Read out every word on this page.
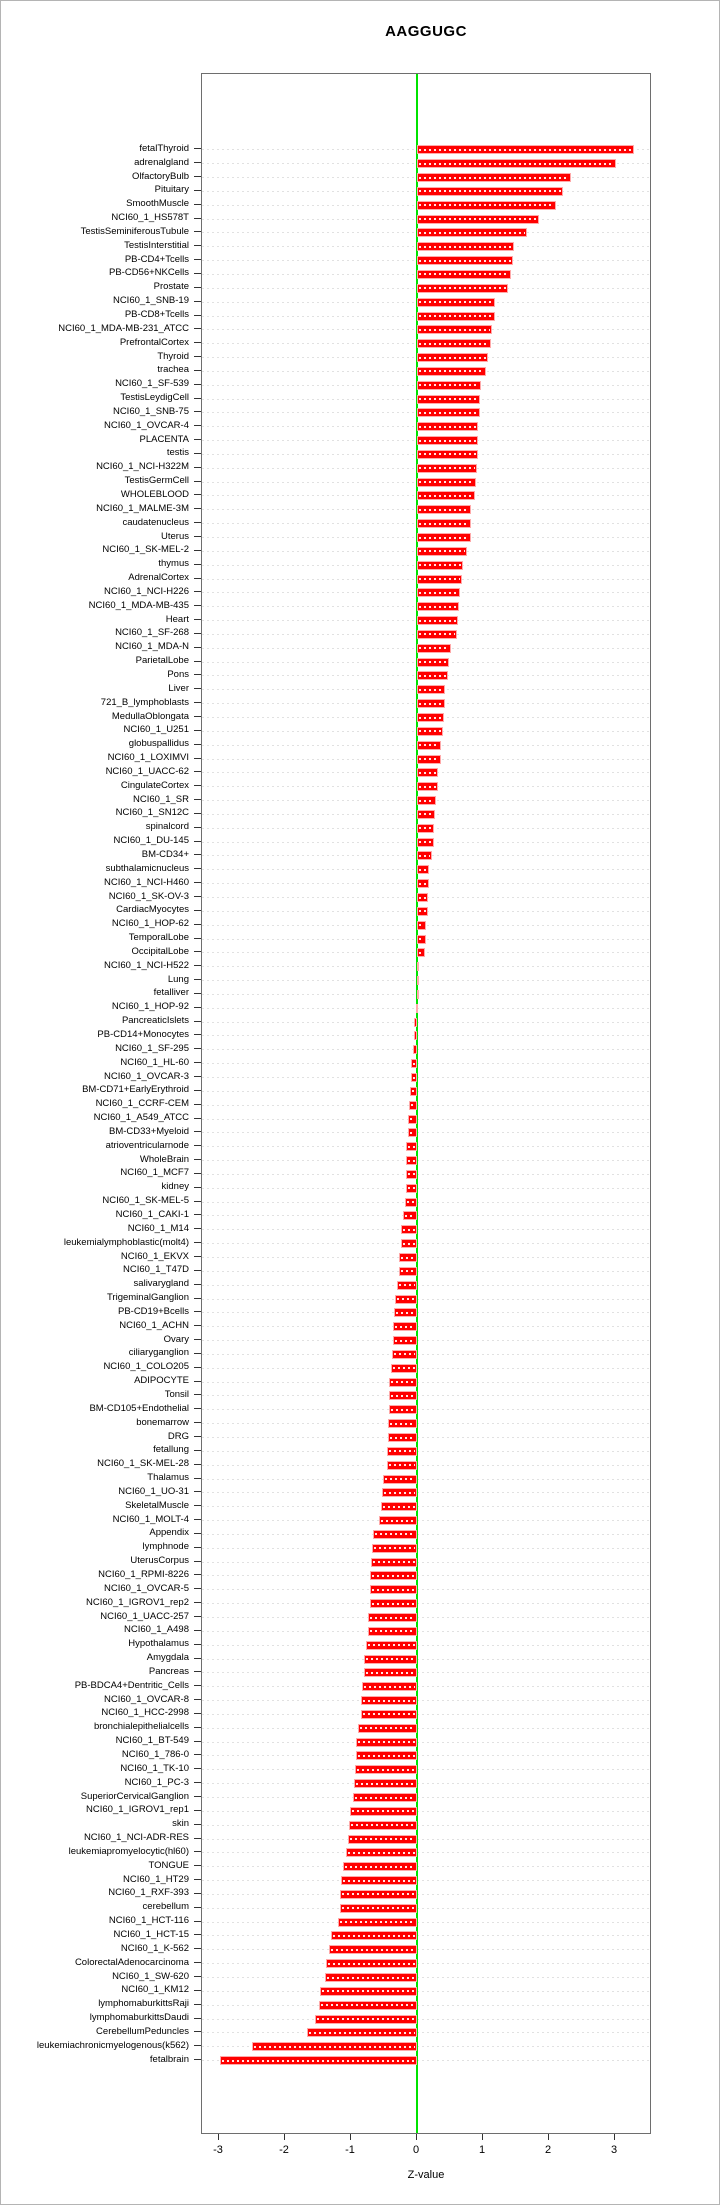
AAGGUGC
fetalThyroid
adrenalgland
OlfactoryBulb
Pituitary
SmoothMuscle
NCI60_1_HS578T
TestisSeminiferousTubule
TestisInterstitial
PB-CD4+Tcells
PB-CD56+NKCells
Prostate
NCI60_1_SNB-19
PB-CD8+Tcells
NCI60_1_MDA-MB-231_ATCC
PrefrontalCortex
Thyroid
trachea
NCI60_1_SF-539
TestisLeydigCell
NCI60_1_SNB-75
NCI60_1_OVCAR-4
PLACENTA
testis
NCI60_1_NCI-H322M
TestisGermCell
WHOLEBLOOD
NCI60_1_MALME-3M
caudatenucleus
Uterus
NCI60_1_SK-MEL-2
thymus
AdrenalCortex
NCI60_1_NCI-H226
NCI60_1_MDA-MB-435
Heart
NCI60_1_SF-268
NCI60_1_MDA-N
ParietalLobe
Pons
Liver
721_B_lymphoblasts
MedullaOblongata
NCI60_1_U251
globuspallidus
NCI60_1_LOXIMVI
NCI60_1_UACC-62
CingulateCortex
NCI60_1_SR
NCI60_1_SN12C
spinalcord
NCI60_1_DU-145
BM-CD34+
subthalamicnucleus
NCI60_1_NCI-H460
NCI60_1_SK-OV-3
CardiacMyocytes
NCI60_1_HOP-62
TemporalLobe
OccipitalLobe
NCI60_1_NCI-H522
Lung
fetalliver
NCI60_1_HOP-92
PancreaticIslets
PB-CD14+Monocytes
NCI60_1_SF-295
NCI60_1_HL-60
NCI60_1_OVCAR-3
BM-CD71+EarlyErythroid
NCI60_1_CCRF-CEM
NCI60_1_A549_ATCC
BM-CD33+Myeloid
atrioventricularnode
WholeBrain
NCI60_1_MCF7
kidney
NCI60_1_SK-MEL-5
NCI60_1_CAKI-1
NCI60_1_M14
leukemialymphoblastic(molt4)
NCI60_1_EKVX
NCI60_1_T47D
salivarygland
TrigeminalGanglion
PB-CD19+Bcells
NCI60_1_ACHN
Ovary
ciliaryganglion
NCI60_1_COLO205
ADIPOCYTE
Tonsil
BM-CD105+Endothelial
bonemarrow
DRG
fetallung
NCI60_1_SK-MEL-28
Thalamus
NCI60_1_UO-31
SkeletalMuscle
NCI60_1_MOLT-4
Appendix
lymphnode
UterusCorpus
NCI60_1_RPMI-8226
NCI60_1_OVCAR-5
NCI60_1_IGROV1_rep2
NCI60_1_UACC-257
NCI60_1_A498
Hypothalamus
Amygdala
Pancreas
PB-BDCA4+Dentritic_Cells
NCI60_1_OVCAR-8
NCI60_1_HCC-2998
bronchialepithelialcells
NCI60_1_BT-549
NCI60_1_786-0
NCI60_1_TK-10
NCI60_1_PC-3
SuperiorCervicalGanglion
NCI60_1_IGROV1_rep1
skin
NCI60_1_NCI-ADR-RES
leukemiapromyelocytic(hl60)
TONGUE
NCI60_1_HT29
NCI60_1_RXF-393
cerebellum
NCI60_1_HCT-116
NCI60_1_HCT-15
NCI60_1_K-562
ColorectalAdenocarcinoma
NCI60_1_SW-620
NCI60_1_KM12
lymphomaburkittsRaji
lymphomaburkittsDaudi
CerebellumPeduncles
leukemiachronicmyelogenous(k562)
fetalbrain
-3	-2	-1	0	1	2	3
Z-value
